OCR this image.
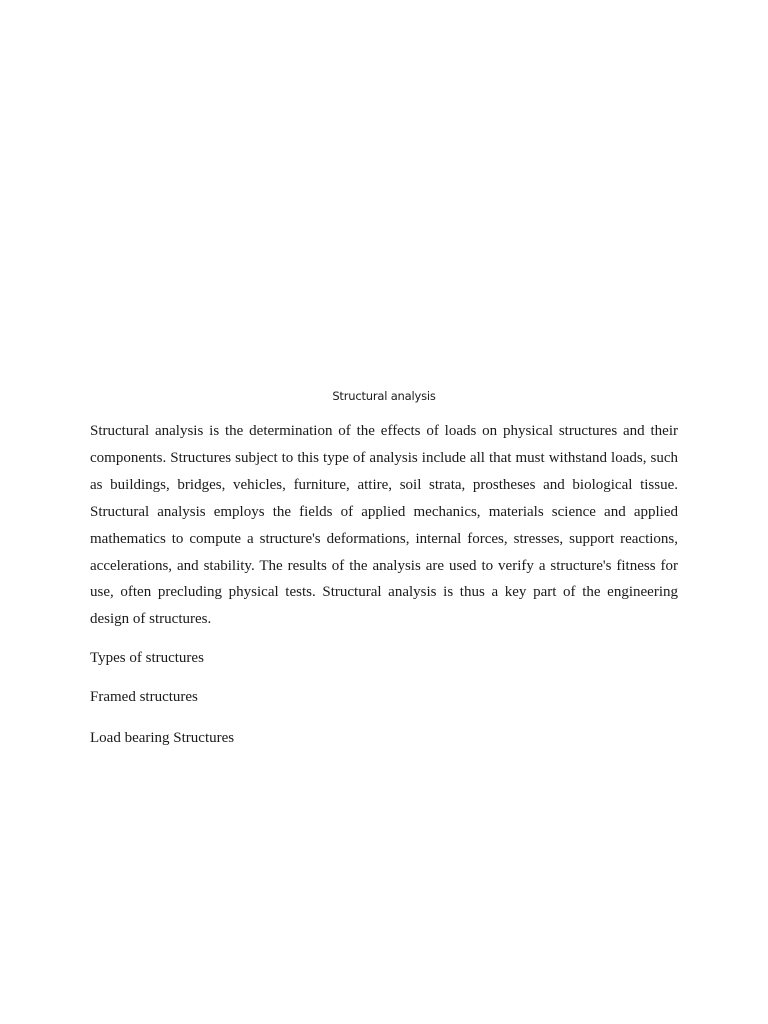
Structural analysis

Structural analysis is the determination of the effects of loads on physical structures and their components. Structures subject to this type of analysis include all that must withstand loads, such as buildings, bridges, vehicles, furniture, attire, soil strata, prostheses and biological tissue. Structural analysis employs the fields of applied mechanics, materials science and applied mathematics to compute a structure's deformations, internal forces, stresses, support reactions, accelerations, and stability. The results of the analysis are used to verify a structure's fitness for use, often precluding physical tests. Structural analysis is thus a key part of the engineering design of structures.

Types of structures

Framed structures

Load bearing Structures
